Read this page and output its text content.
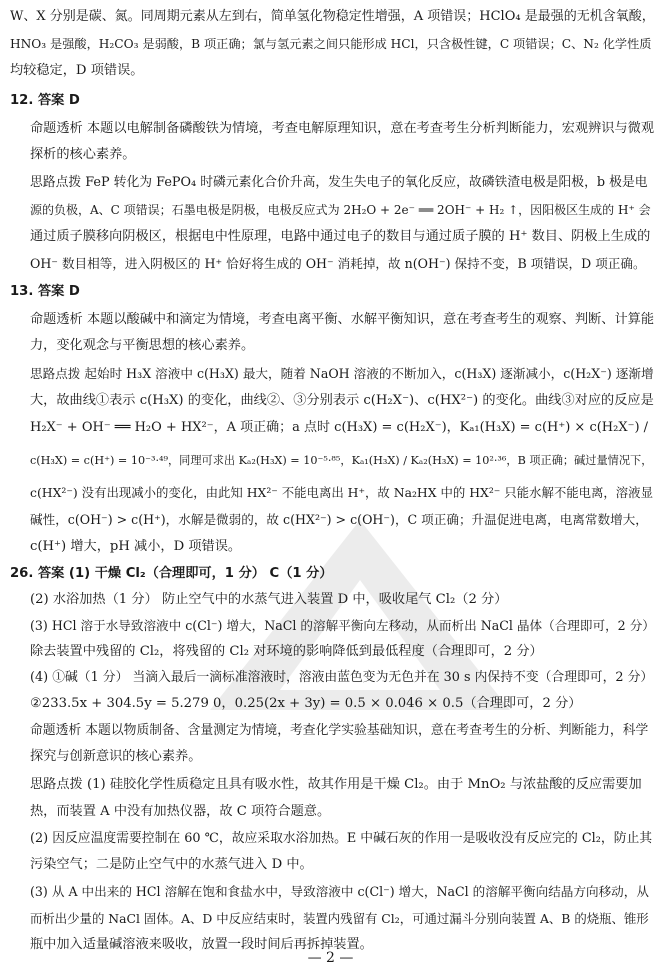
W、X 分别是碳、氮。同周期元素从左到右，简单氢化物稳定性增强，A 项错误；HClO₄ 是最强的无机含氧酸，
HNO₃ 是强酸，H₂CO₃ 是弱酸，B 项正确；氯与氢元素之间只能形成 HCl，只含极性键，C 项错误；C、N₂ 化学性质
均较稳定，D 项错误。
12. 答案 D
命题透析 本题以电解制备磷酸铁为情境，考查电解原理知识，意在考查考生分析判断能力，宏观辨识与微观
探析的核心素养。
思路点拨 FeP 转化为 FePO₄ 时磷元素化合价升高，发生失电子的氧化反应，故磷铁渣电极是阳极，b 极是电
源的负极，A、C 项错误；石墨电极是阴极，电极反应式为 2H₂O + 2e⁻ ══ 2OH⁻ + H₂ ↑，因阳极区生成的 H⁺ 会
通过质子膜移向阴极区，根据电中性原理，电路中通过电子的数目与通过质子膜的 H⁺ 数目、阴极上生成的
OH⁻ 数目相等，进入阴极区的 H⁺ 恰好将生成的 OH⁻ 消耗掉，故 n(OH⁻) 保持不变，B 项错误，D 项正确。
13. 答案 D
命题透析 本题以酸碱中和滴定为情境，考查电离平衡、水解平衡知识，意在考查考生的观察、判断、计算能
力，变化观念与平衡思想的核心素养。
思路点拨 起始时 H₃X 溶液中 c(H₃X) 最大，随着 NaOH 溶液的不断加入，c(H₃X) 逐渐减小，c(H₂X⁻) 逐渐增
大，故曲线①表示 c(H₃X) 的变化，曲线②、③分别表示 c(H₂X⁻)、c(HX²⁻) 的变化。曲线③对应的反应是
H₂X⁻ + OH⁻ ══ H₂O + HX²⁻，A 项正确；a 点时 c(H₃X) = c(H₂X⁻)，Kₐ₁(H₃X) = c(H⁺) × c(H₂X⁻) /
c(H₃X) = c(H⁺) = 10⁻³·⁴⁹，同理可求出 Kₐ₂(H₃X) = 10⁻⁵·⁸⁵，Kₐ₁(H₃X) / Kₐ₂(H₃X) = 10²·³⁶，B 项正确；碱过量情况下，
c(HX²⁻) 没有出现减小的变化，由此知 HX²⁻ 不能电离出 H⁺，故 Na₂HX 中的 HX²⁻ 只能水解不能电离，溶液显
碱性，c(OH⁻) > c(H⁺)，水解是微弱的，故 c(HX²⁻) > c(OH⁻)，C 项正确；升温促进电离，电离常数增大，
c(H⁺) 增大，pH 减小，D 项错误。
26. 答案 (1) 干燥 Cl₂（合理即可，1 分） C（1 分）
(2) 水浴加热（1 分） 防止空气中的水蒸气进入装置 D 中，吸收尾气 Cl₂（2 分）
(3) HCl 溶于水导致溶液中 c(Cl⁻) 增大，NaCl 的溶解平衡向左移动，从而析出 NaCl 晶体（合理即可，2 分）
除去装置中残留的 Cl₂，将残留的 Cl₂ 对环境的影响降低到最低程度（合理即可，2 分）
(4) ①碱（1 分） 当滴入最后一滴标准溶液时，溶液由蓝色变为无色并在 30 s 内保持不变（合理即可，2 分）
②233.5x + 304.5y = 5.279 0，0.25(2x + 3y) = 0.5 × 0.046 × 0.5（合理即可，2 分）
命题透析 本题以物质制备、含量测定为情境，考查化学实验基础知识，意在考查考生的分析、判断能力，科学
探究与创新意识的核心素养。
思路点拨 (1) 硅胶化学性质稳定且具有吸水性，故其作用是干燥 Cl₂。由于 MnO₂ 与浓盐酸的反应需要加
热，而装置 A 中没有加热仪器，故 C 项符合题意。
(2) 因反应温度需要控制在 60 ℃，故应采取水浴加热。E 中碱石灰的作用一是吸收没有反应完的 Cl₂，防止其
污染空气；二是防止空气中的水蒸气进入 D 中。
(3) 从 A 中出来的 HCl 溶解在饱和食盐水中，导致溶液中 c(Cl⁻) 增大，NaCl 的溶解平衡向结晶方向移动，从
而析出少量的 NaCl 固体。A、D 中反应结束时，装置内残留有 Cl₂，可通过漏斗分别向装置 A、B 的烧瓶、锥形
瓶中加入适量碱溶液来吸收，放置一段时间后再拆掉装置。
— 2 —
